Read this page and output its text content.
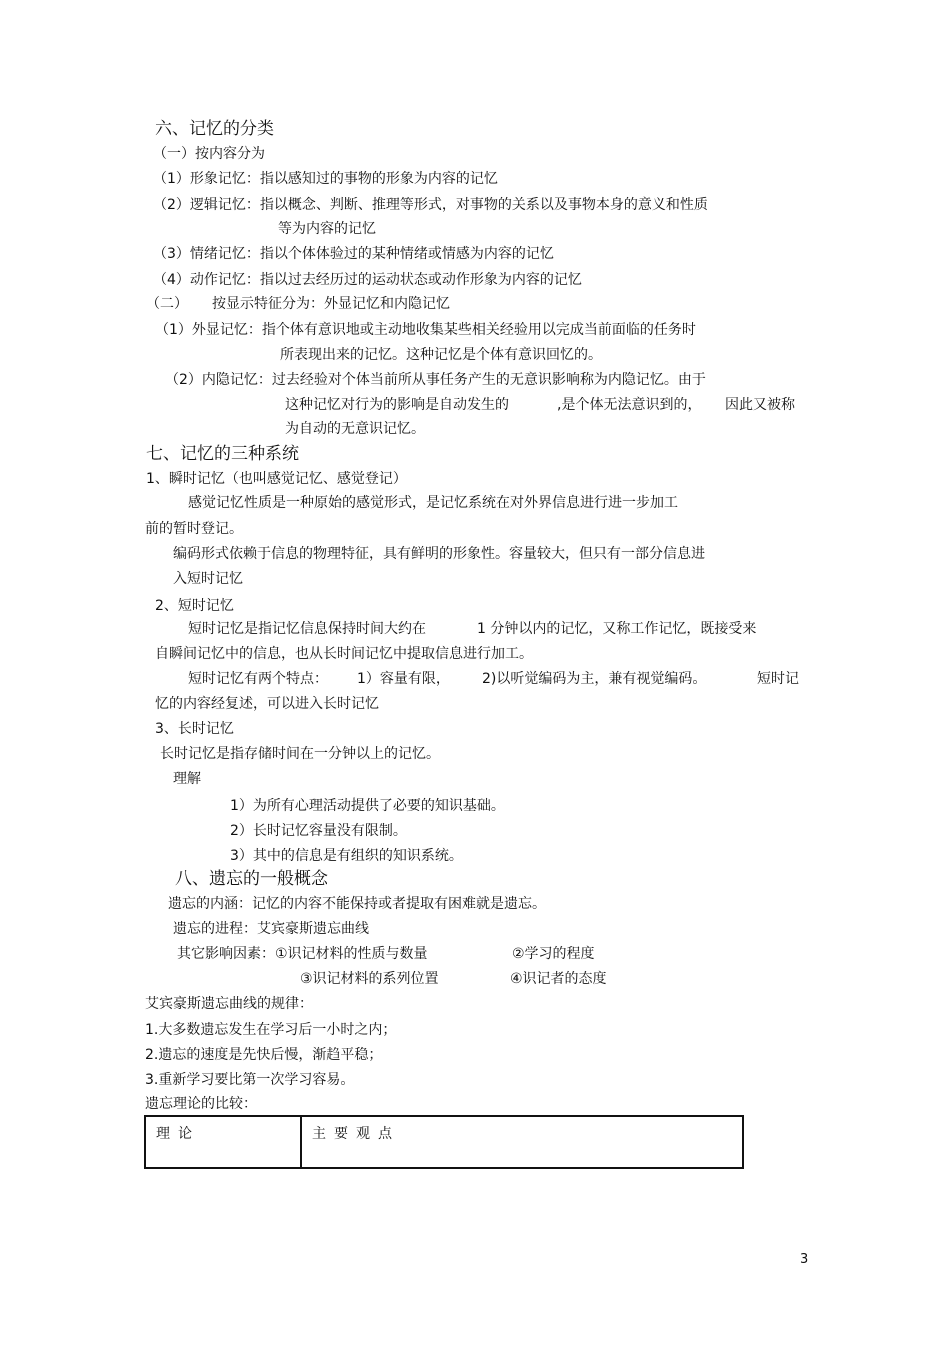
六、记忆的分类
（一）按内容分为
（1）形象记忆：指以感知过的事物的形象为内容的记忆
（2）逻辑记忆：指以概念、判断、推理等形式，对事物的关系以及事物本身的意义和性质
等为内容的记忆
（3）情绪记忆：指以个体体验过的某种情绪或情感为内容的记忆
（4）动作记忆：指以过去经历过的运动状态或动作形象为内容的记忆
（二） 按显示特征分为：外显记忆和内隐记忆
（1）外显记忆：指个体有意识地或主动地收集某些相关经验用以完成当前面临的任务时
所表现出来的记忆。这种记忆是个体有意识回忆的。
（2）内隐记忆：过去经验对个体当前所从事任务产生的无意识影响称为内隐记忆。由于
这种记忆对行为的影响是自动发生的	,是个体无法意识到的， 因此又被称
为自动的无意识记忆。
七、记忆的三种系统
1、瞬时记忆（也叫感觉记忆、感觉登记）
感觉记忆性质是一种原始的感觉形式，是记忆系统在对外界信息进行进一步加工
前的暂时登记。
编码形式依赖于信息的物理特征，具有鲜明的形象性。容量较大，但只有一部分信息进
入短时记忆
2、短时记忆
短时记忆是指记忆信息保持时间大约在	1 分钟以内的记忆，又称工作记忆，既接受来
自瞬间记忆中的信息，也从长时间记忆中提取信息进行加工。
短时记忆有两个特点： 1）容量有限， 2)以听觉编码为主，兼有视觉编码。	短时记
忆的内容经复述，可以进入长时记忆
3、长时记忆
长时记忆是指存储时间在一分钟以上的记忆。
理解
1）为所有心理活动提供了必要的知识基础。
2）长时记忆容量没有限制。
3）其中的信息是有组织的知识系统。
八、遗忘的一般概念
遗忘的内涵：记忆的内容不能保持或者提取有困难就是遗忘。
遗忘的进程：艾宾豪斯遗忘曲线
其它影响因素：①识记材料的性质与数量	②学习的程度
③识记材料的系列位置	④识记者的态度
艾宾豪斯遗忘曲线的规律：
1.大多数遗忘发生在学习后一小时之内；
2.遗忘的速度是先快后慢，渐趋平稳；
3.重新学习要比第一次学习容易。
遗忘理论的比较：
理论	主要观点
3
